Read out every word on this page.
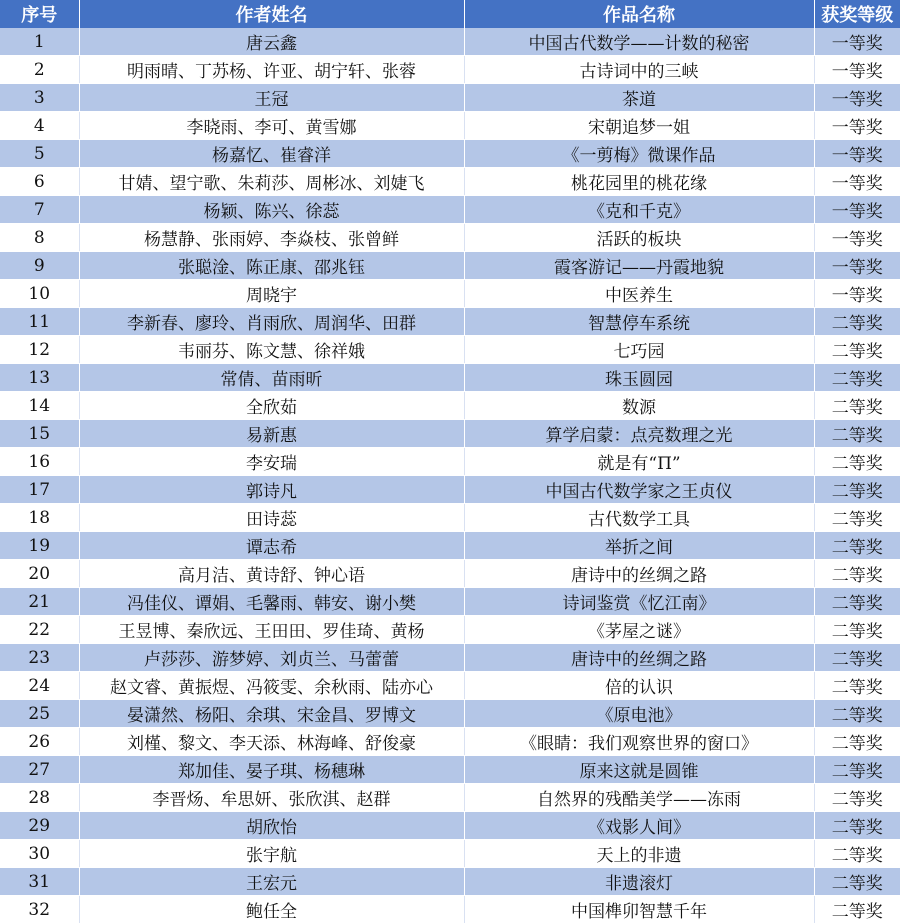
序号	作者姓名	作品名称	获奖等级
1	唐云鑫	中国古代数学——计数的秘密	一等奖
2	明雨晴、丁苏杨、许亚、胡宁轩、张蓉	古诗词中的三峡	一等奖
3	王冠	茶道	一等奖
4	李晓雨、李可、黄雪娜	宋朝追梦一姐	一等奖
5	杨嘉忆、崔睿洋	《一剪梅》微课作品	一等奖
6	甘婧、望宁歌、朱莉莎、周彬冰、刘婕飞	桃花园里的桃花缘	一等奖
7	杨颖、陈兴、徐蕊	《克和千克》	一等奖
8	杨慧静、张雨婷、李焱枝、张曾鲜	活跃的板块	一等奖
9	张聪淦、陈正康、邵兆钰	霞客游记——丹霞地貌	一等奖
10	周晓宇	中医养生	一等奖
11	李新春、廖玲、肖雨欣、周润华、田群	智慧停车系统	二等奖
12	韦丽芬、陈文慧、徐祥娥	七巧园	二等奖
13	常倩、苗雨昕	珠玉圆园	二等奖
14	全欣茹	数源	二等奖
15	易新惠	算学启蒙：点亮数理之光	二等奖
16	李安瑞	就是有“Π”	二等奖
17	郭诗凡	中国古代数学家之王贞仪	二等奖
18	田诗蕊	古代数学工具	二等奖
19	谭志希	举折之间	二等奖
20	高月洁、黄诗舒、钟心语	唐诗中的丝绸之路	二等奖
21	冯佳仪、谭娟、毛馨雨、韩安、谢小樊	诗词鉴赏《忆江南》	二等奖
22	王昱博、秦欣远、王田田、罗佳琦、黄杨	《茅屋之谜》	二等奖
23	卢莎莎、游梦婷、刘贞兰、马蕾蕾	唐诗中的丝绸之路	二等奖
24	赵文睿、黄振煜、冯筱雯、余秋雨、陆亦心	倍的认识	二等奖
25	晏潇然、杨阳、余琪、宋金昌、罗博文	《原电池》	二等奖
26	刘槿、黎文、李天添、林海峰、舒俊豪	《眼睛：我们观察世界的窗口》	二等奖
27	郑加佳、晏子琪、杨穗琳	原来这就是圆锥	二等奖
28	李晋炀、牟思妍、张欣淇、赵群	自然界的残酷美学——冻雨	二等奖
29	胡欣怡	《戏影人间》	二等奖
30	张宇航	天上的非遗	二等奖
31	王宏元	非遗滚灯	二等奖
32	鲍任全	中国榫卯智慧千年	二等奖
